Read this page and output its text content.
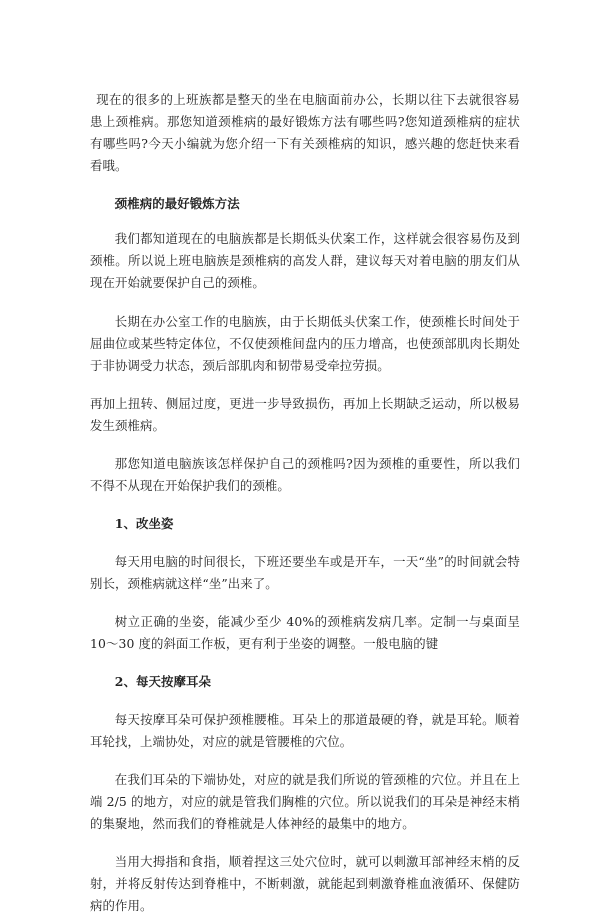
现在的很多的上班族都是整天的坐在电脑面前办公，长期以往下去就很容易患上颈椎病。那您知道颈椎病的最好锻炼方法有哪些吗?您知道颈椎病的症状有哪些吗?今天小编就为您介绍一下有关颈椎病的知识，感兴趣的您赶快来看看哦。

颈椎病的最好锻炼方法

我们都知道现在的电脑族都是长期低头伏案工作，这样就会很容易伤及到颈椎。所以说上班电脑族是颈椎病的高发人群，建议每天对着电脑的朋友们从现在开始就要保护自己的颈椎。

长期在办公室工作的电脑族，由于长期低头伏案工作，使颈椎长时间处于屈曲位或某些特定体位，不仅使颈椎间盘内的压力增高，也使颈部肌肉长期处于非协调受力状态，颈后部肌肉和韧带易受牵拉劳损。

再加上扭转、侧屈过度，更进一步导致损伤，再加上长期缺乏运动，所以极易发生颈椎病。

那您知道电脑族该怎样保护自己的颈椎吗?因为颈椎的重要性，所以我们不得不从现在开始保护我们的颈椎。

1、改坐姿

每天用电脑的时间很长，下班还要坐车或是开车，一天“坐”的时间就会特别长，颈椎病就这样“坐”出来了。

树立正确的坐姿，能减少至少 40%的颈椎病发病几率。定制一与桌面呈 10～30 度的斜面工作板，更有利于坐姿的调整。一般电脑的键

2、每天按摩耳朵

每天按摩耳朵可保护颈椎腰椎。耳朵上的那道最硬的脊，就是耳轮。顺着耳轮找，上端协处，对应的就是管腰椎的穴位。

在我们耳朵的下端协处，对应的就是我们所说的管颈椎的穴位。并且在上端 2/5 的地方，对应的就是管我们胸椎的穴位。所以说我们的耳朵是神经末梢的集聚地，然而我们的脊椎就是人体神经的最集中的地方。

当用大拇指和食指，顺着捏这三处穴位时，就可以刺激耳部神经末梢的反射，并将反射传达到脊椎中，不断刺激，就能起到刺激脊椎血液循环、保健防病的作用。
